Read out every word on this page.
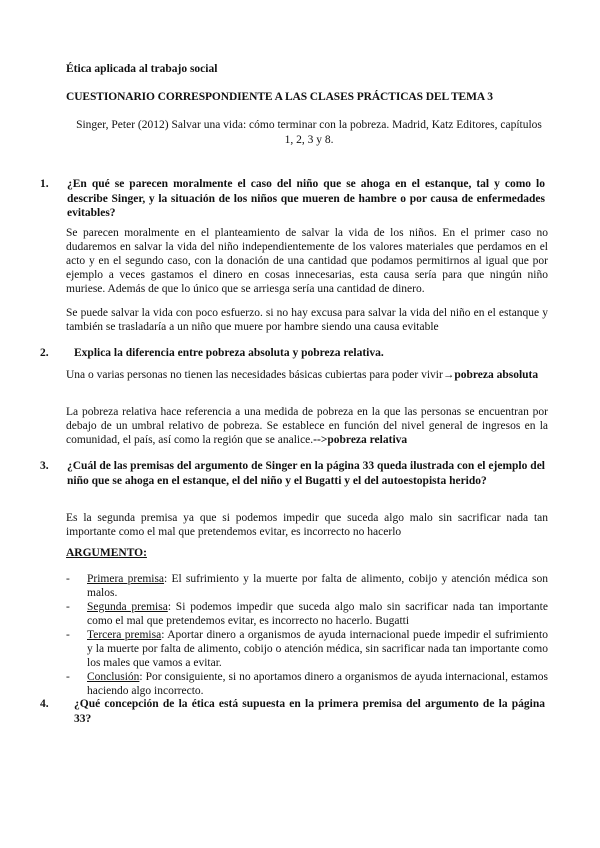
Ética aplicada al trabajo social
CUESTIONARIO CORRESPONDIENTE A LAS CLASES PRÁCTICAS DEL TEMA 3
Singer, Peter (2012) Salvar una vida: cómo terminar con la pobreza. Madrid, Katz Editores, capítulos 1, 2, 3 y 8.
1. ¿En qué se parecen moralmente el caso del niño que se ahoga en el estanque, tal y como lo describe Singer, y la situación de los niños que mueren de hambre o por causa de enfermedades evitables?
Se parecen moralmente en el planteamiento de salvar la vida de los niños. En el primer caso no dudaremos en salvar la vida del niño independientemente de los valores materiales que perdamos en el acto y en el segundo caso, con la donación de una cantidad que podamos permitirnos al igual que por ejemplo a veces gastamos el dinero en cosas innecesarias, esta causa sería para que ningún niño muriese. Además de que lo único que se arriesga sería una cantidad de dinero.
Se puede salvar la vida con poco esfuerzo. si no hay excusa para salvar la vida del niño en el estanque y también se trasladaría a un niño que muere por hambre siendo una causa evitable
2. Explica la diferencia entre pobreza absoluta y pobreza relativa.
Una o varias personas no tienen las necesidades básicas cubiertas para poder vivir→pobreza absoluta
La pobreza relativa hace referencia a una medida de pobreza en la que las personas se encuentran por debajo de un umbral relativo de pobreza. Se establece en función del nivel general de ingresos en la comunidad, el país, así como la región que se analice.-->pobreza relativa
3. ¿Cuál de las premisas del argumento de Singer en la página 33 queda ilustrada con el ejemplo del niño que se ahoga en el estanque, el del niño y el Bugatti y el del autoestopista herido?
Es la segunda premisa ya que si podemos impedir que suceda algo malo sin sacrificar nada tan importante como el mal que pretendemos evitar, es incorrecto no hacerlo
ARGUMENTO:
- Primera premisa: El sufrimiento y la muerte por falta de alimento, cobijo y atención médica son malos.
- Segunda premisa: Si podemos impedir que suceda algo malo sin sacrificar nada tan importante como el mal que pretendemos evitar, es incorrecto no hacerlo. Bugatti
- Tercera premisa: Aportar dinero a organismos de ayuda internacional puede impedir el sufrimiento y la muerte por falta de alimento, cobijo o atención médica, sin sacrificar nada tan importante como los males que vamos a evitar.
- Conclusión: Por consiguiente, si no aportamos dinero a organismos de ayuda internacional, estamos haciendo algo incorrecto.
4. ¿Qué concepción de la ética está supuesta en la primera premisa del argumento de la página 33?
